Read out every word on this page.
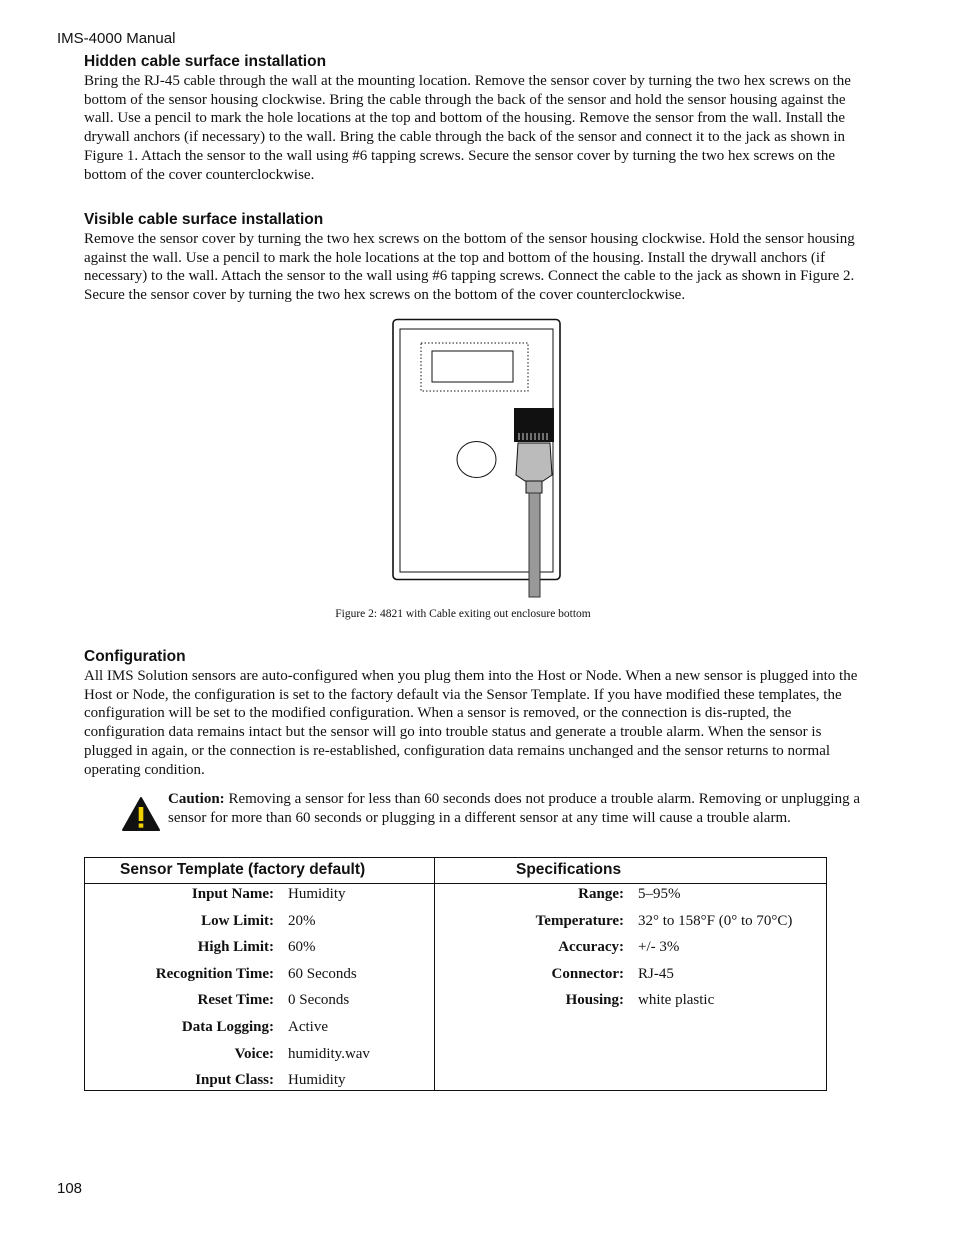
IMS-4000 Manual
Hidden cable surface installation

Bring the RJ-45 cable through the wall at the mounting location. Remove the sensor cover by turning the two hex screws on the bottom of the sensor housing clockwise. Bring the cable through the back of the sensor and hold the sensor housing against the wall. Use a pencil to mark the hole locations at the top and bottom of the housing. Remove the sensor from the wall. Install the drywall anchors (if necessary) to the wall. Bring the cable through the back of the sensor and connect it to the jack as shown in Figure 1. Attach the sensor to the wall using #6 tapping screws. Secure the sensor cover by turning the two hex screws on the bottom of the cover counterclockwise.

Visible cable surface installation

Remove the sensor cover by turning the two hex screws on the bottom of the sensor housing clockwise. Hold the sensor housing against the wall. Use a pencil to mark the hole locations at the top and bottom of the housing. Install the drywall anchors (if necessary) to the wall. Attach the sensor to the wall using #6 tapping screws. Connect the cable to the jack as shown in Figure 2. Secure the sensor cover by turning the two hex screws on the bottom of the cover counterclockwise.

Figure 2: 4821 with Cable exiting out enclosure bottom
Configuration

All IMS Solution sensors are auto-configured when you plug them into the Host or Node. When a new sensor is plugged into the Host or Node, the configuration is set to the factory default via the Sensor Template. If you have modified these templates, the configuration will be set to the modified configuration. When a sensor is removed, or the connection is dis-rupted, the configuration data remains intact but the sensor will go into trouble status and generate a trouble alarm. When the sensor is plugged in again, or the connection is re-established, configuration data remains unchanged and the sensor returns to normal operating condition.

Caution: Removing a sensor for less than 60 seconds does not produce a trouble alarm. Removing or unplugging a sensor for more than 60 seconds or plugging in a different sensor at any time will cause a trouble alarm.
Sensor Template (factory default)	Specifications
Input Name: Humidity
Low Limit: 20%
High Limit: 60%
Recognition Time: 60 Seconds
Reset Time: 0 Seconds
Data Logging: Active
Voice: humidity.wav
Input Class: Humidity
Range: 5–95%
Temperature: 32° to 158°F (0° to 70°C)
Accuracy: +/- 3%
Connector: RJ-45
Housing: white plastic
108
